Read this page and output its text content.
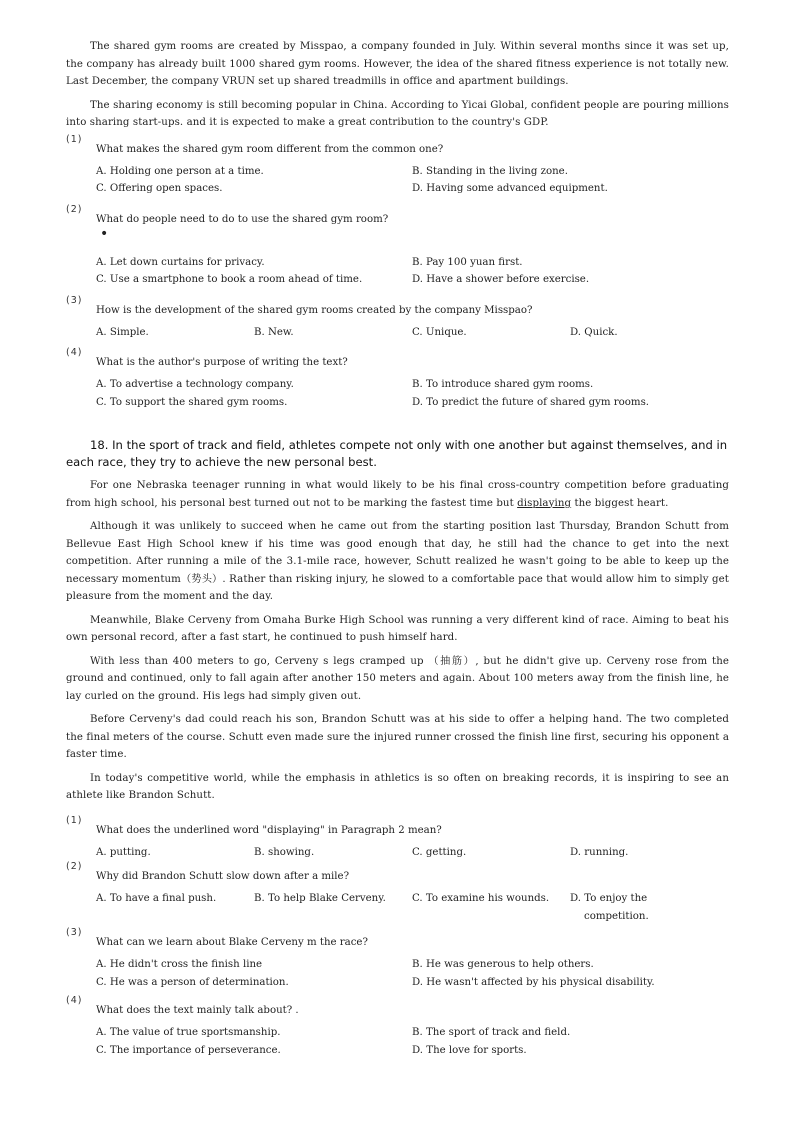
The shared gym rooms are created by Misspao, a company founded in July. Within several months since it was set up, the company has already built 1000 shared gym rooms. However, the idea of the shared fitness experience is not totally new. Last December, the company VRUN set up shared treadmills in office and apartment buildings.

The sharing economy is still becoming popular in China. According to Yicai Global, confident people are pouring millions into sharing start-ups. and it is expected to make a great contribution to the country's GDP.

(1)
What makes the shared gym room different from the common one?
A. Holding one person at a time.	B. Standing in the living zone.
C. Offering open spaces.	D. Having some advanced equipment.
(2)
What do people need to do to use the shared gym room?
•
A. Let down curtains for privacy.	B. Pay 100 yuan first.
C. Use a smartphone to book a room ahead of time.	D. Have a shower before exercise.
(3)
How is the development of the shared gym rooms created by the company Misspao?
A. Simple.	B. New.	C. Unique.	D. Quick.
(4)
What is the author's purpose of writing the text?
A. To advertise a technology company.	B. To introduce shared gym rooms.
C. To support the shared gym rooms.	D. To predict the future of shared gym rooms.

18. In the sport of track and field, athletes compete not only with one another but against themselves, and in each race, they try to achieve the new personal best.

For one Nebraska teenager running in what would likely to be his final cross-country competition before graduating from high school, his personal best turned out not to be marking the fastest time but displaying the biggest heart.

Although it was unlikely to succeed when he came out from the starting position last Thursday, Brandon Schutt from Bellevue East High School knew if his time was good enough that day, he still had the chance to get into the next competition. After running a mile of the 3.1-mile race, however, Schutt realized he wasn't going to be able to keep up the necessary momentum（势头）. Rather than risking injury, he slowed to a comfortable pace that would allow him to simply get pleasure from the moment and the day.

Meanwhile, Blake Cerveny from Omaha Burke High School was running a very different kind of race. Aiming to beat his own personal record, after a fast start, he continued to push himself hard.

With less than 400 meters to go, Cerveny s legs cramped up （抽筋）, but he didn't give up. Cerveny rose from the ground and continued, only to fall again after another 150 meters and again. About 100 meters away from the finish line, he lay curled on the ground. His legs had simply given out.

Before Cerveny's dad could reach his son, Brandon Schutt was at his side to offer a helping hand. The two completed the final meters of the course. Schutt even made sure the injured runner crossed the finish line first, securing his opponent a faster time.

In today's competitive world, while the emphasis in athletics is so often on breaking records, it is inspiring to see an athlete like Brandon Schutt.

(1)
What does the underlined word "displaying" in Paragraph 2 mean?
A. putting.	B. showing.	C. getting.	D. running.
(2)
Why did Brandon Schutt slow down after a mile?
A. To have a final push.	B. To help Blake Cerveny.	C. To examine his wounds. D. To enjoy the
competition.
(3)
What can we learn about Blake Cerveny m the race?
A. He didn't cross the finish line	B. He was generous to help others.
C. He was a person of determination.	D. He wasn't affected by his physical disability.
(4)
What does the text mainly talk about? .
A. The value of true sportsmanship.	B. The sport of track and field.
C. The importance of perseverance.	D. The love for sports.
